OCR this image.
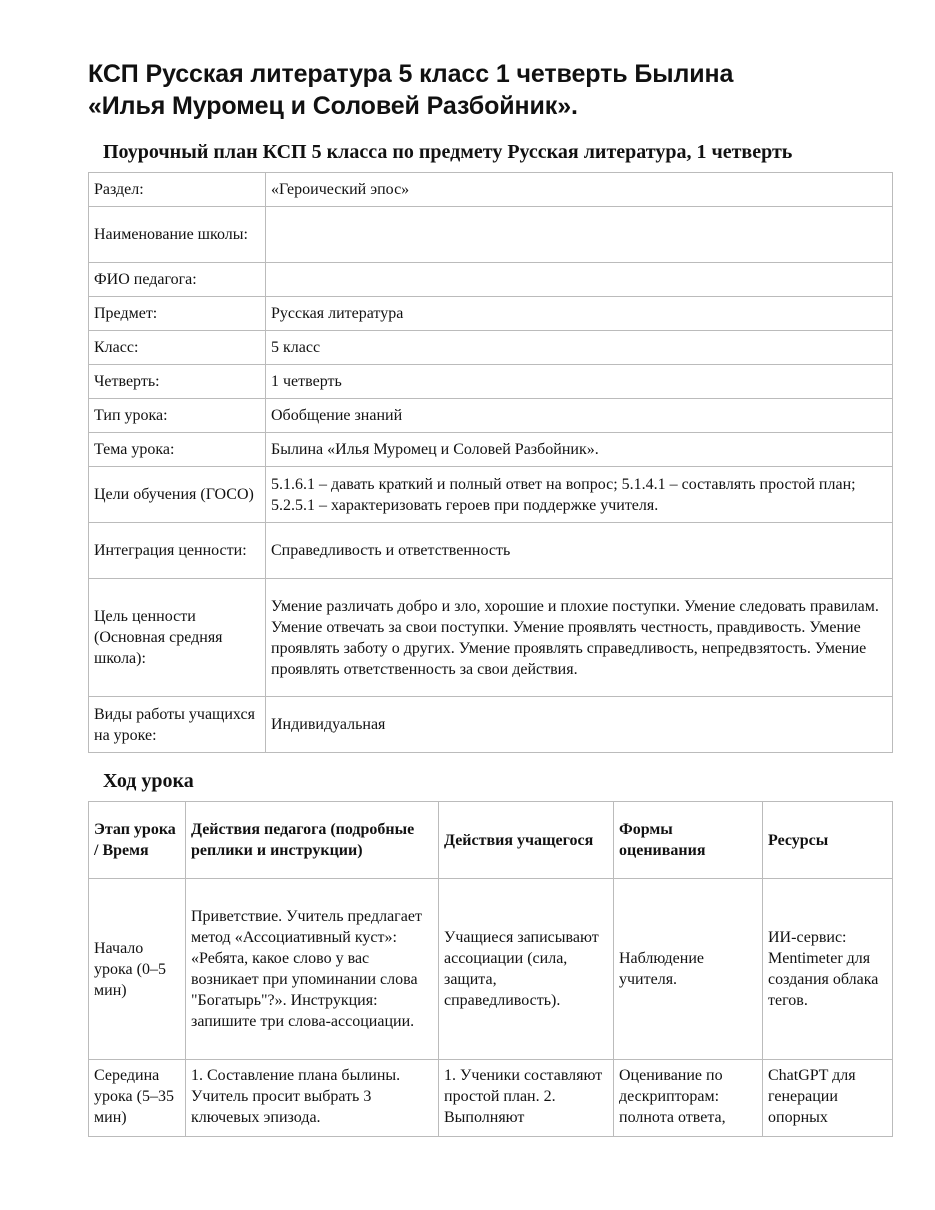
КСП Русская литература 5 класс 1 четверть Былина
«Илья Муромец и Соловей Разбойник».
Поурочный план КСП 5 класса по предмету Русская литература, 1 четверть
Раздел:	«Героический эпос»
Наименование школы:	
ФИО педагога:	
Предмет:	Русская литература
Класс:	5 класс
Четверть:	1 четверть
Тип урока:	Обобщение знаний
Тема урока:	Былина «Илья Муромец и Соловей Разбойник».
Цели обучения (ГОСО)	5.1.6.1 – давать краткий и полный ответ на вопрос; 5.1.4.1 – составлять простой план; 5.2.5.1 – характеризовать героев при поддержке учителя.
Интеграция ценности:	Справедливость и ответственность
Цель ценности (Основная средняя школа):	Умение различать добро и зло, хорошие и плохие поступки. Умение следовать правилам. Умение отвечать за свои поступки. Умение проявлять честность, правдивость. Умение проявлять заботу о других. Умение проявлять справедливость, непредвзятость. Умение проявлять ответственность за свои действия.
Виды работы учащихся на уроке:	Индивидуальная
Ход урока
Этап урока / Время	Действия педагога (подробные реплики и инструкции)	Действия учащегося	Формы оценивания	Ресурсы
Начало урока (0–5 мин)	Приветствие. Учитель предлагает метод «Ассоциативный куст»: «Ребята, какое слово у вас возникает при упоминании слова "Богатырь"?». Инструкция: запишите три слова-ассоциации.	Учащиеся записывают ассоциации (сила, защита, справедливость).	Наблюдение учителя.	ИИ-сервис: Mentimeter для создания облака тегов.
Середина урока (5–35 мин)	1. Составление плана былины. Учитель просит выбрать 3 ключевых эпизода.	1. Ученики составляют простой план. 2. Выполняют	Оценивание по дескрипторам: полнота ответа,	ChatGPT для генерации опорных
